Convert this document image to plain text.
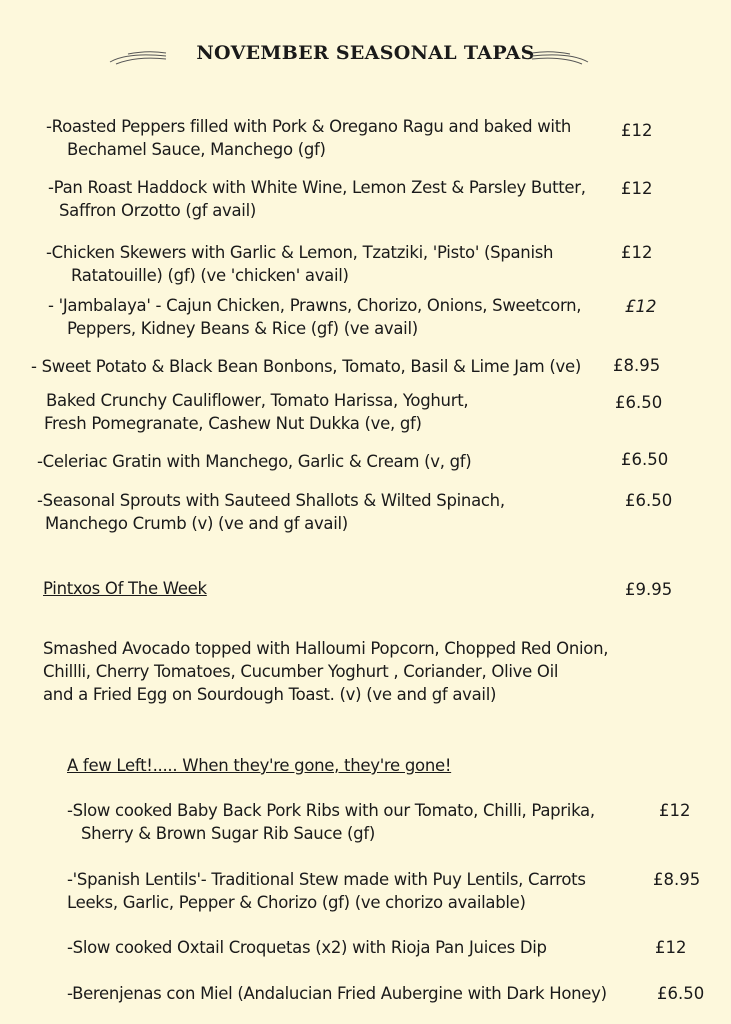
NOVEMBER SEASONAL TAPAS
-Roasted Peppers filled with Pork & Oregano Ragu and baked with
Bechamel Sauce, Manchego (gf)
£12
-Pan Roast Haddock with White Wine, Lemon Zest & Parsley Butter,
Saffron Orzotto (gf avail)
£12
-Chicken Skewers with Garlic & Lemon, Tzatziki, 'Pisto' (Spanish
Ratatouille) (gf) (ve 'chicken' avail)
£12
- 'Jambalaya' - Cajun Chicken, Prawns, Chorizo, Onions, Sweetcorn,
Peppers, Kidney Beans & Rice (gf) (ve avail)
£12
- Sweet Potato & Black Bean Bonbons, Tomato, Basil & Lime Jam (ve) £8.95
Baked Crunchy Cauliflower, Tomato Harissa, Yoghurt,
Fresh Pomegranate, Cashew Nut Dukka (ve, gf)
£6.50
-Celeriac Gratin with Manchego, Garlic & Cream (v, gf)	£6.50
-Seasonal Sprouts with Sauteed Shallots & Wilted Spinach,
Manchego Crumb (v) (ve and gf avail)
£6.50
Pintxos Of The Week	£9.95
Smashed Avocado topped with Halloumi Popcorn, Chopped Red Onion,
Chillli, Cherry Tomatoes, Cucumber Yoghurt , Coriander, Olive Oil
and a Fried Egg on Sourdough Toast. (v) (ve and gf avail)
A few Left!..... When they're gone, they're gone!
-Slow cooked Baby Back Pork Ribs with our Tomato, Chilli, Paprika,
Sherry & Brown Sugar Rib Sauce (gf)
£12
-'Spanish Lentils'- Traditional Stew made with Puy Lentils, Carrots
Leeks, Garlic, Pepper & Chorizo (gf) (ve chorizo available)
£8.95
-Slow cooked Oxtail Croquetas (x2) with Rioja Pan Juices Dip	£12
-Berenjenas con Miel (Andalucian Fried Aubergine with Dark Honey)	£6.50
